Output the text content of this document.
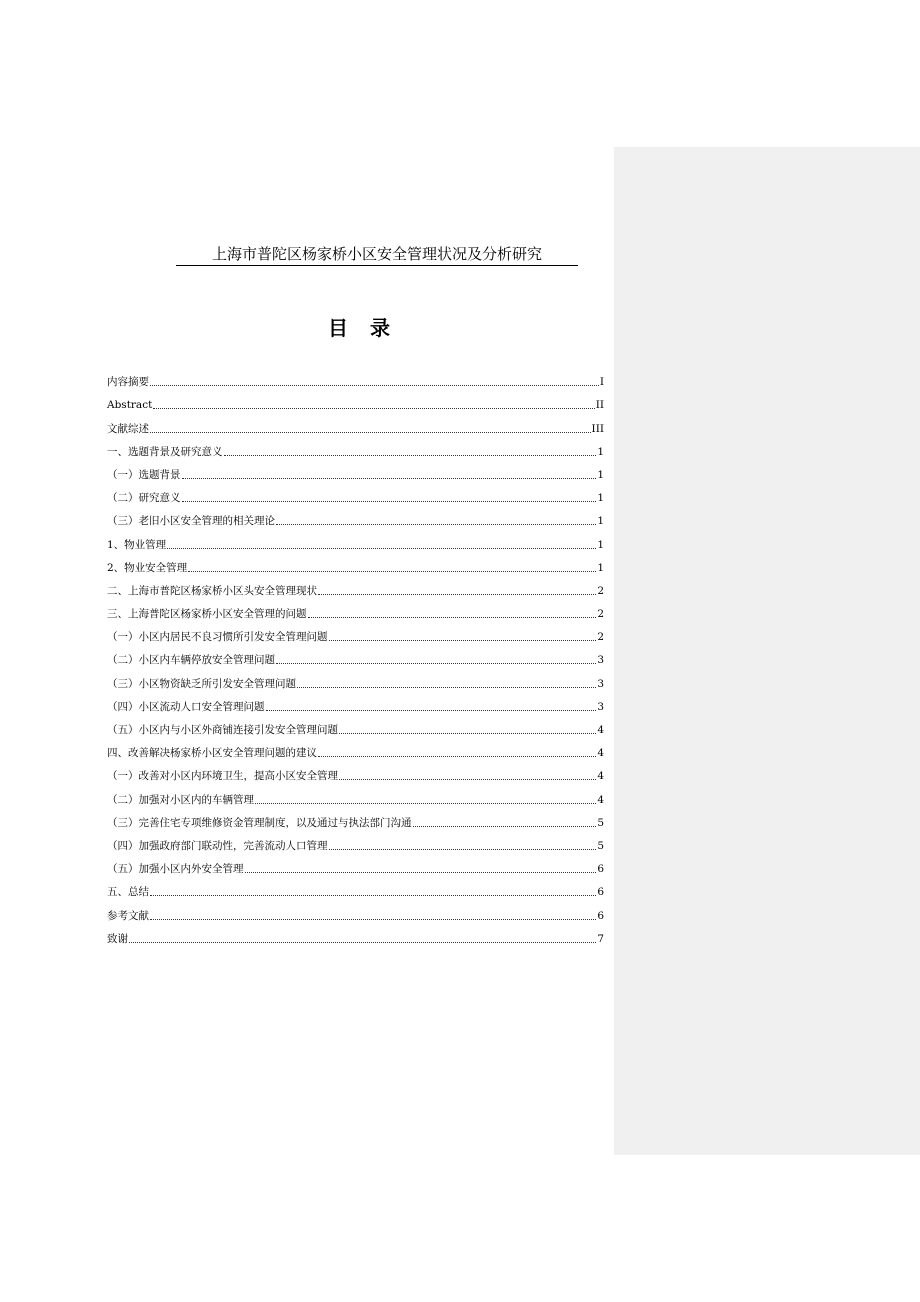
上海市普陀区杨家桥小区安全管理状况及分析研究
目录
内容摘要	I
Abstract	II
文献综述	III
一、选题背景及研究意义	1
（一）选题背景	1
（二）研究意义	1
（三）老旧小区安全管理的相关理论	1
1、物业管理	1
2、物业安全管理	1
二、上海市普陀区杨家桥小区头安全管理现状	2
三、上海普陀区杨家桥小区安全管理的问题	2
（一）小区内居民不良习惯所引发安全管理问题	2
（二）小区内车辆停放安全管理问题	3
（三）小区物资缺乏所引发安全管理问题	3
（四）小区流动人口安全管理问题	3
（五）小区内与小区外商铺连接引发安全管理问题	4
四、改善解决杨家桥小区安全管理问题的建议	4
（一）改善对小区内环境卫生，提高小区安全管理	4
（二）加强对小区内的车辆管理	4
（三）完善住宅专项维修资金管理制度，以及通过与执法部门沟通	5
（四）加强政府部门联动性，完善流动人口管理	5
（五）加强小区内外安全管理	6
五、总结	6
参考文献	6
致谢	7
